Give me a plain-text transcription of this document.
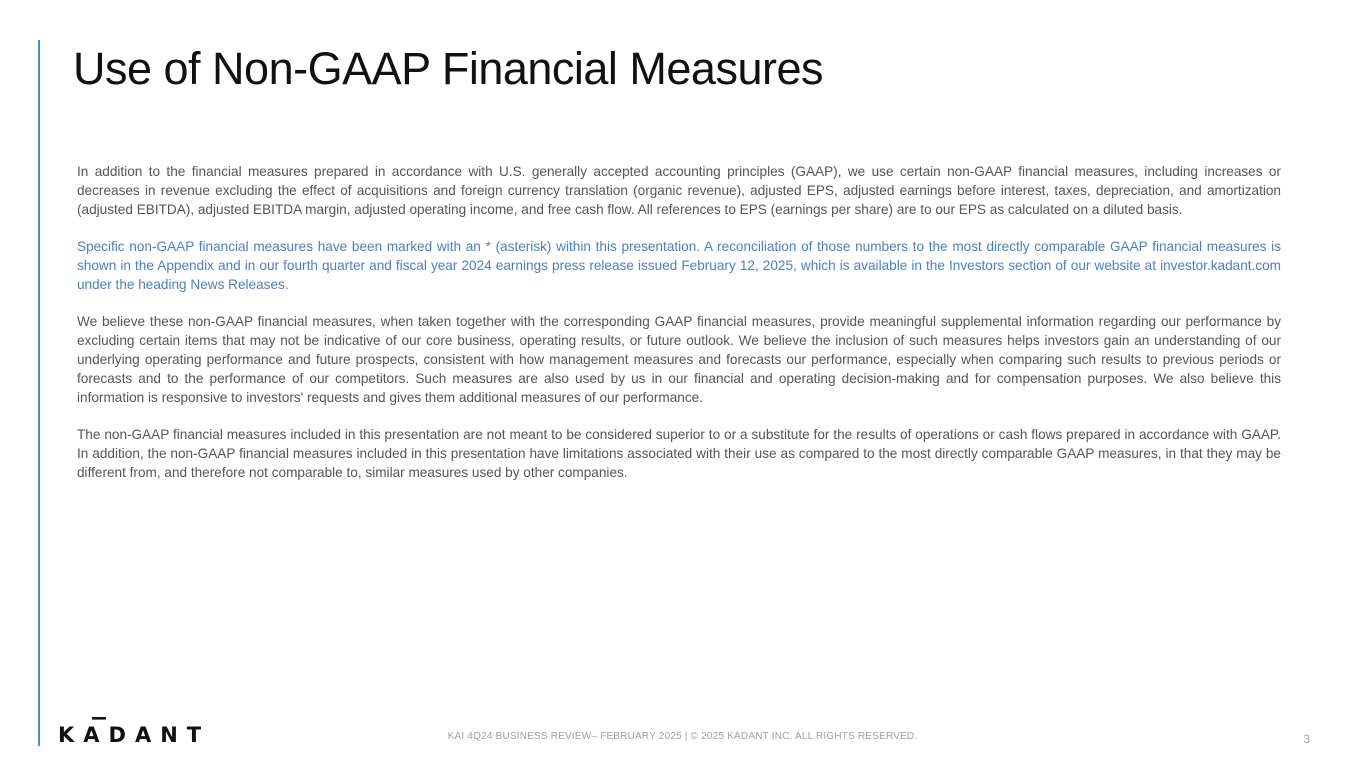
Use of Non-GAAP Financial Measures

In addition to the financial measures prepared in accordance with U.S. generally accepted accounting principles (GAAP), we use certain non-GAAP financial measures, including increases or decreases in revenue excluding the effect of acquisitions and foreign currency translation (organic revenue), adjusted EPS, adjusted earnings before interest, taxes, depreciation, and amortization (adjusted EBITDA), adjusted EBITDA margin, adjusted operating income, and free cash flow. All references to EPS (earnings per share) are to our EPS as calculated on a diluted basis.

Specific non-GAAP financial measures have been marked with an * (asterisk) within this presentation. A reconciliation of those numbers to the most directly comparable GAAP financial measures is shown in the Appendix and in our fourth quarter and fiscal year 2024 earnings press release issued February 12, 2025, which is available in the Investors section of our website at investor.kadant.com under the heading News Releases.

We believe these non-GAAP financial measures, when taken together with the corresponding GAAP financial measures, provide meaningful supplemental information regarding our performance by excluding certain items that may not be indicative of our core business, operating results, or future outlook. We believe the inclusion of such measures helps investors gain an understanding of our underlying operating performance and future prospects, consistent with how management measures and forecasts our performance, especially when comparing such results to previous periods or forecasts and to the performance of our competitors. Such measures are also used by us in our financial and operating decision-making and for compensation purposes. We also believe this information is responsive to investors' requests and gives them additional measures of our performance.

The non-GAAP financial measures included in this presentation are not meant to be considered superior to or a substitute for the results of operations or cash flows prepared in accordance with GAAP. In addition, the non-GAAP financial measures included in this presentation have limitations associated with their use as compared to the most directly comparable GAAP measures, in that they may be different from, and therefore not comparable to, similar measures used by other companies.

KADANT	KAI 4Q24 BUSINESS REVIEW– FEBRUARY 2025 | © 2025 KADANT INC. ALL RIGHTS RESERVED.	3
